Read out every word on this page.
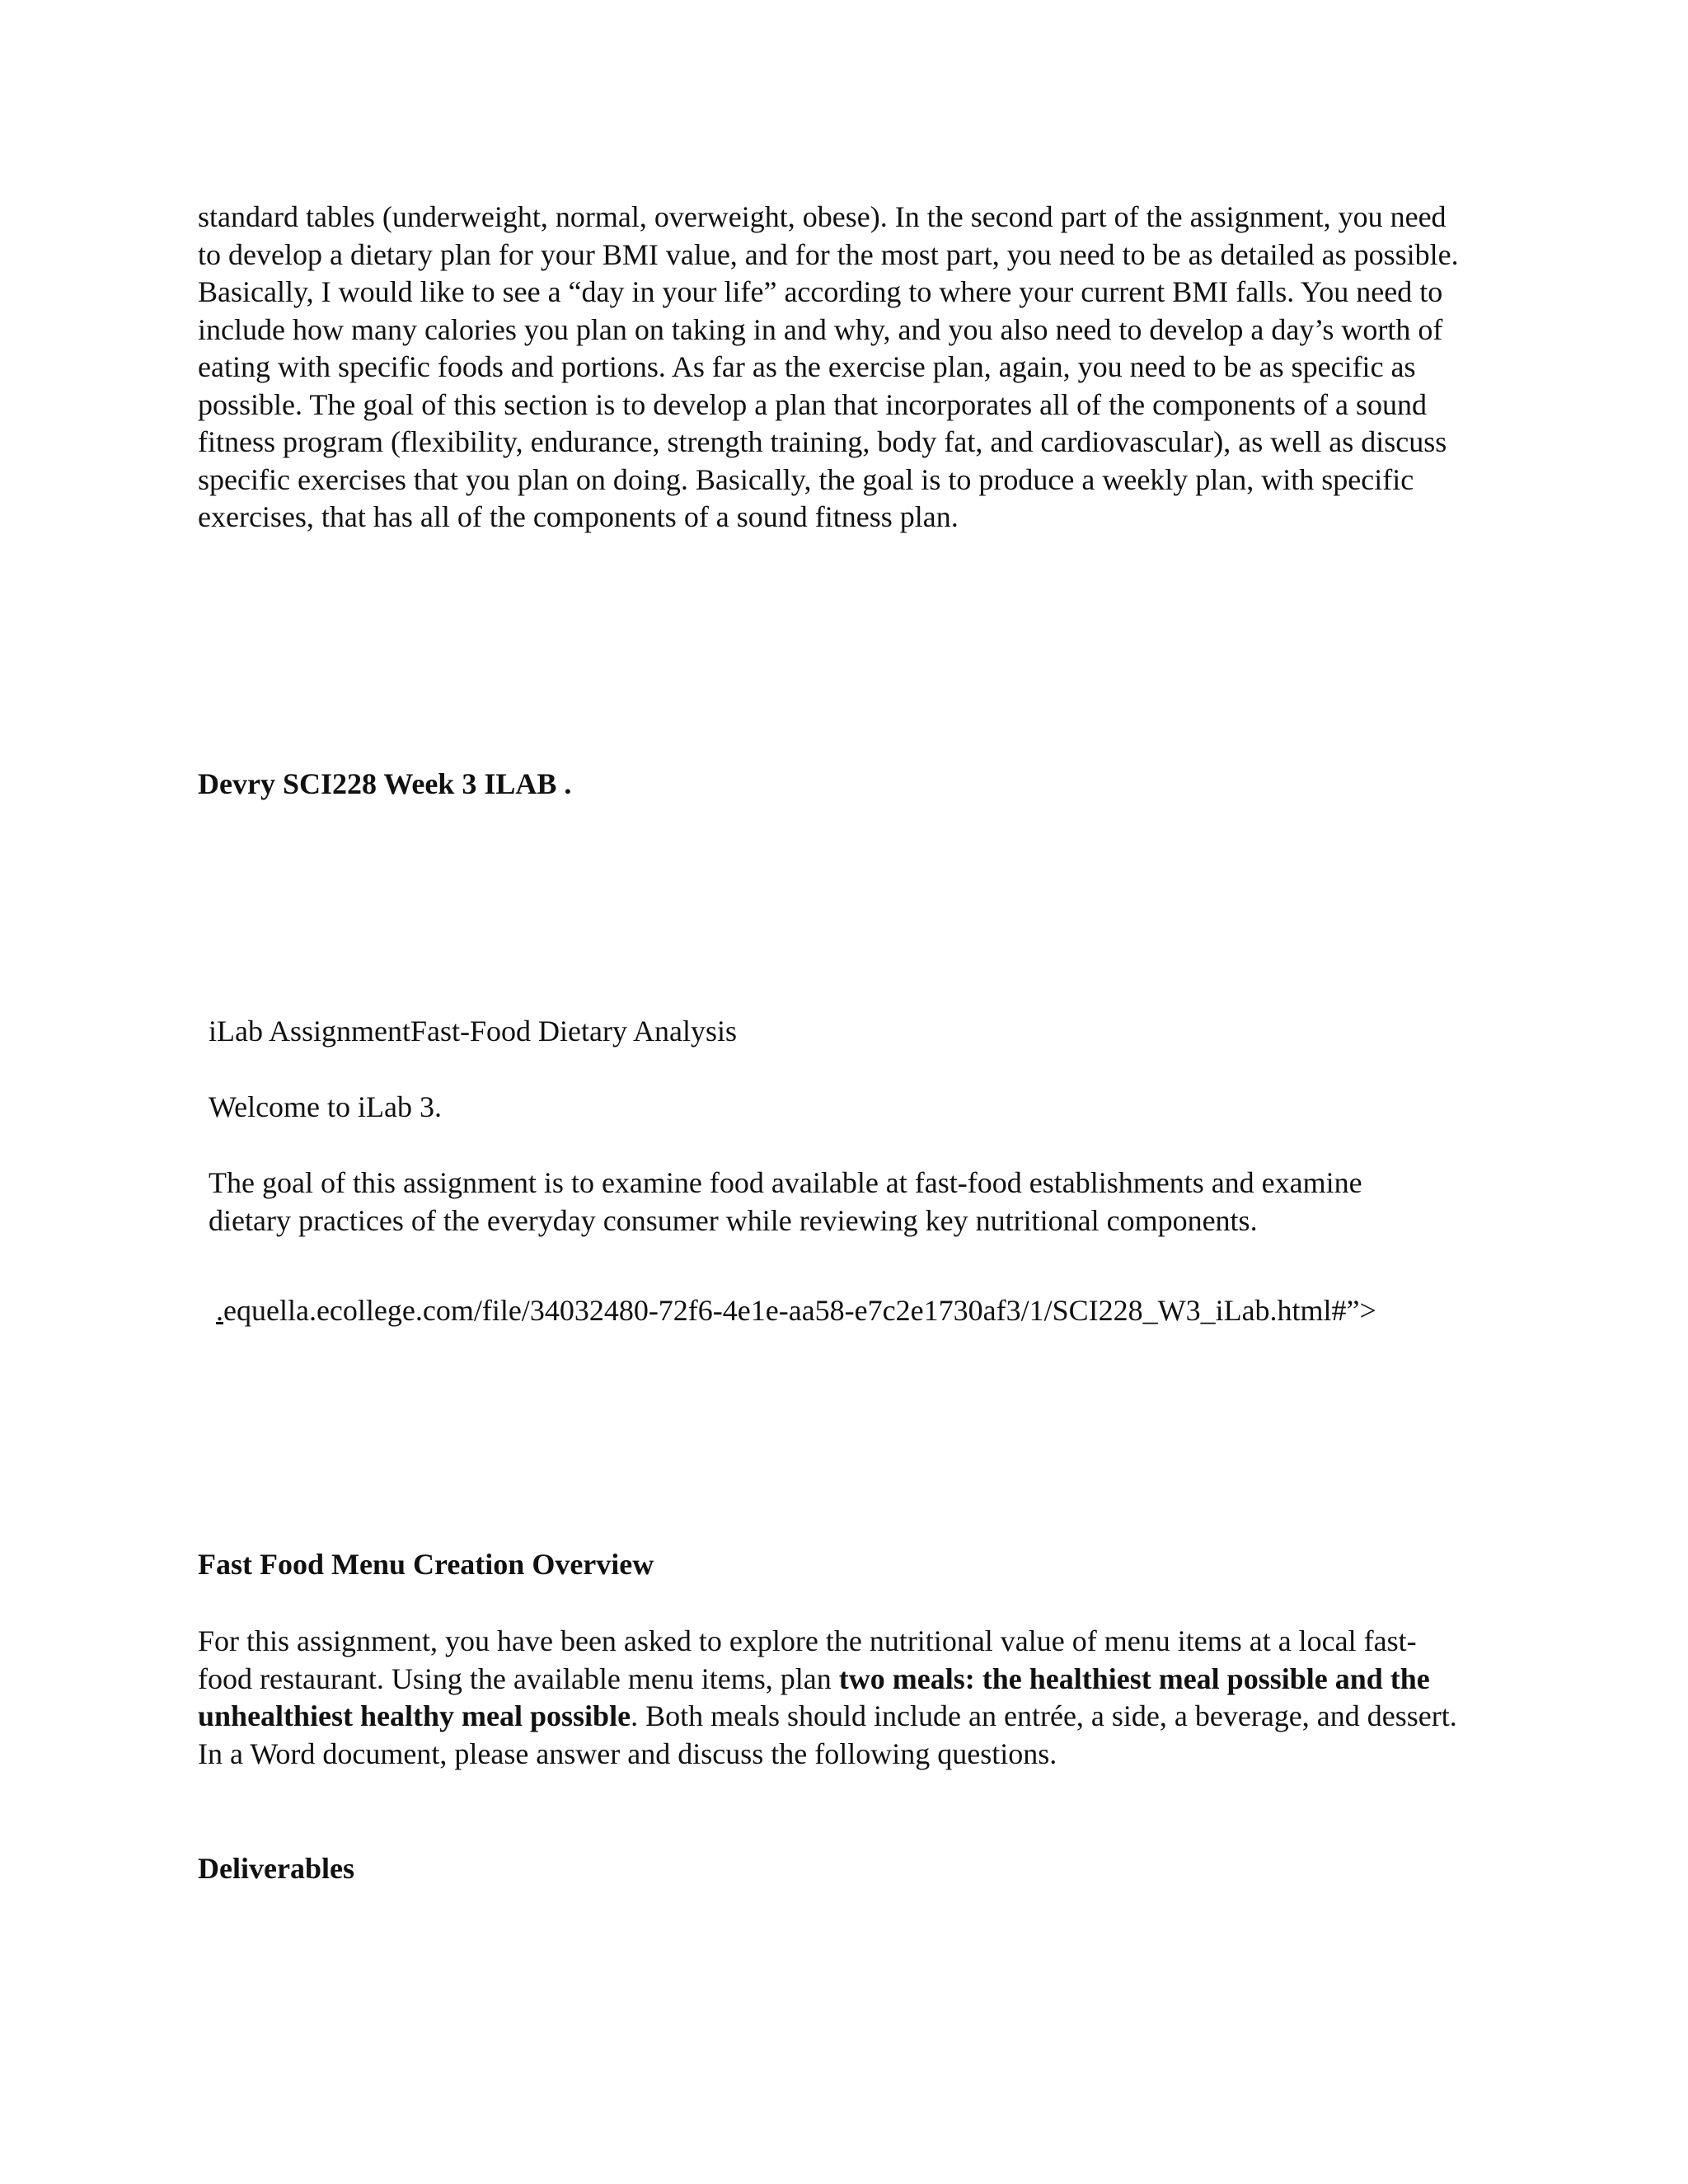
standard tables (underweight, normal, overweight, obese). In the second part of the assignment, you need to develop a dietary plan for your BMI value, and for the most part, you need to be as detailed as possible. Basically, I would like to see a “day in your life” according to where your current BMI falls. You need to include how many calories you plan on taking in and why, and you also need to develop a day’s worth of eating with specific foods and portions. As far as the exercise plan, again, you need to be as specific as possible. The goal of this section is to develop a plan that incorporates all of the components of a sound fitness program (flexibility, endurance, strength training, body fat, and cardiovascular), as well as discuss specific exercises that you plan on doing. Basically, the goal is to produce a weekly plan, with specific exercises, that has all of the components of a sound fitness plan.

Devry SCI228 Week 3 ILAB .

iLab AssignmentFast-Food Dietary Analysis

Welcome to iLab 3.

The goal of this assignment is to examine food available at fast-food establishments and examine dietary practices of the everyday consumer while reviewing key nutritional components.

.equella.ecollege.com/file/34032480-72f6-4e1e-aa58-e7c2e1730af3/1/SCI228_W3_iLab.html#”>

Fast Food Menu Creation Overview

For this assignment, you have been asked to explore the nutritional value of menu items at a local fast-food restaurant. Using the available menu items, plan two meals: the healthiest meal possible and the unhealthiest healthy meal possible. Both meals should include an entrée, a side, a beverage, and dessert. In a Word document, please answer and discuss the following questions.

Deliverables
